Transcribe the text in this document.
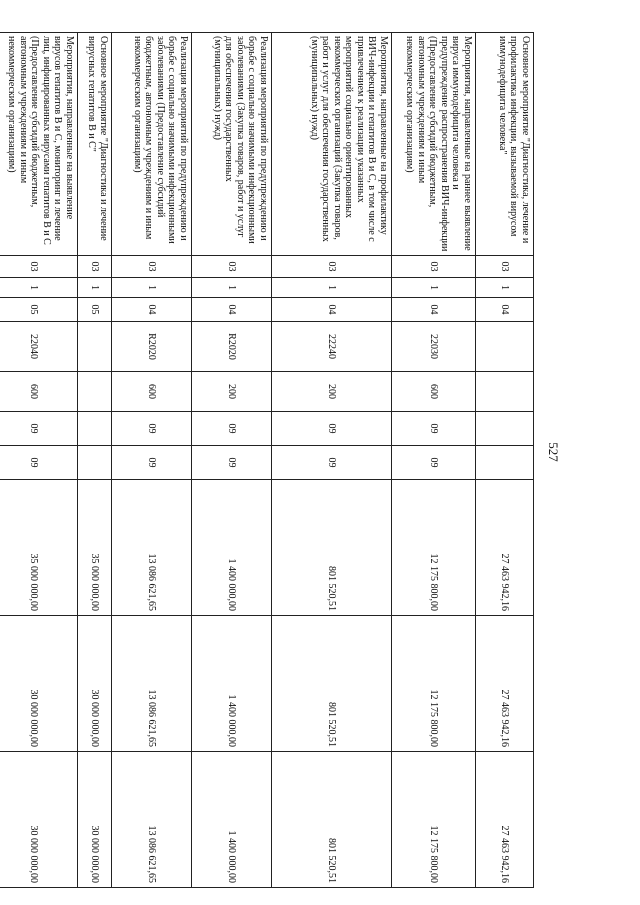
527
Основное мероприятие "Диагностика, лечение и профилактика инфекции, вызываемой вирусом иммунодефицита человека"	03	1	04					27 463 942,16	27 463 942,16	27 463 942,16
Мероприятия, направленные на раннее выявление вируса иммунодефицита человека и предупреждение распространения ВИЧ-инфекции (Предоставление субсидий бюджетным, автономным учреждениям и иным некоммерческим организациям)	03	1	04	22030	600	09	09	12 175 800,00	12 175 800,00	12 175 800,00
Мероприятия, направленные на профилактику ВИЧ-инфекции и гепатитов В и С, в том числе с привлечением к реализации указанных мероприятий социально ориентированных некоммерческих организаций (Закупка товаров, работ и услуг для обеспечения государственных (муниципальных) нужд)	03	1	04	22240	200	09	09	801 520,51	801 520,51	801 520,51
Реализация мероприятий по предупреждению и борьбе с социально значимыми инфекционными заболеваниями (Закупка товаров, работ и услуг для обеспечения государственных (муниципальных) нужд)	03	1	04	R2020	200	09	09	1 400 000,00	1 400 000,00	1 400 000,00
Реализация мероприятий по предупреждению и борьбе с социально значимыми инфекционными заболеваниями (Предоставление субсидий бюджетным, автономным учреждениям и иным некоммерческим организациям)	03	1	04	R2020	600	09	09	13 086 621,65	13 086 621,65	13 086 621,65
Основное мероприятие "Диагностика и лечение вирусных гепатитов В и С"	03	1	05					35 000 000,00	30 000 000,00	30 000 000,00
Мероприятия, направленные на выявление вирусов гепатитов В и С, мониторинг и лечение лиц, инфицированных вирусами гепатитов В и С (Предоставление субсидий бюджетным, автономным учреждениям и иным некоммерческим организациям)	03	1	05	22040	600	09	09	35 000 000,00	30 000 000,00	30 000 000,00
